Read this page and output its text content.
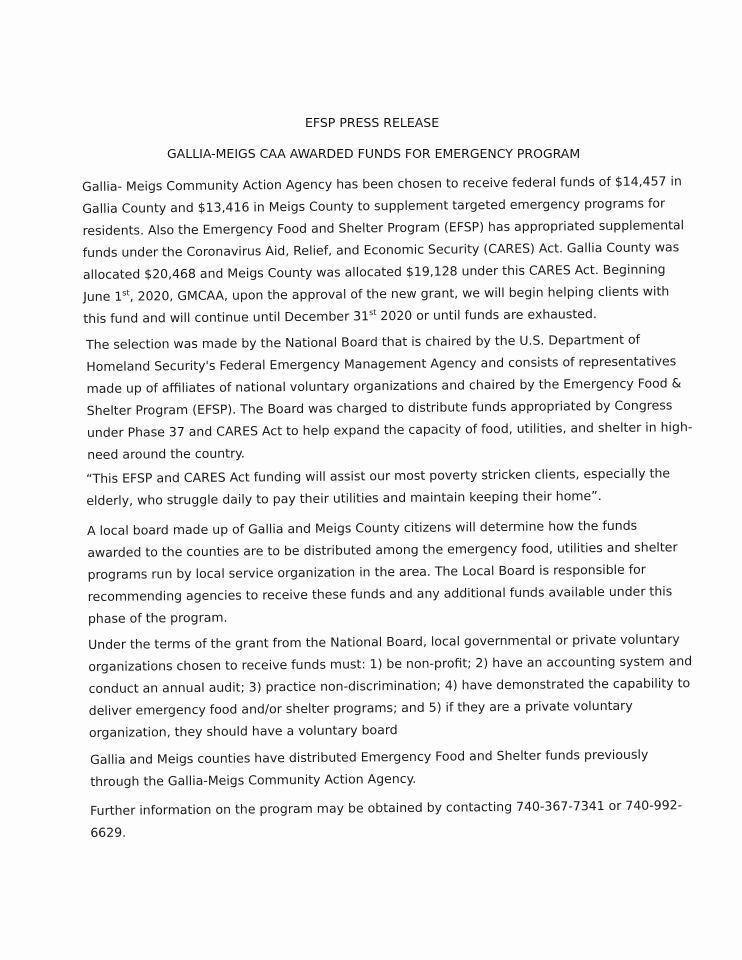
EFSP PRESS RELEASE
GALLIA-MEIGS CAA AWARDED FUNDS FOR EMERGENCY PROGRAM
Gallia- Meigs Community Action Agency has been chosen to receive federal funds of $14,457 in
Gallia County and $13,416 in Meigs County to supplement targeted emergency programs for
residents. Also the Emergency Food and Shelter Program (EFSP) has appropriated supplemental
funds under the Coronavirus Aid, Relief, and Economic Security (CARES) Act. Gallia County was
allocated $20,468 and Meigs County was allocated $19,128 under this CARES Act. Beginning
June 1st, 2020, GMCAA, upon the approval of the new grant, we will begin helping clients with
this fund and will continue until December 31st 2020 or until funds are exhausted.
The selection was made by the National Board that is chaired by the U.S. Department of
Homeland Security's Federal Emergency Management Agency and consists of representatives
made up of affiliates of national voluntary organizations and chaired by the Emergency Food &
Shelter Program (EFSP). The Board was charged to distribute funds appropriated by Congress
under Phase 37 and CARES Act to help expand the capacity of food, utilities, and shelter in high-
need around the country.
“This EFSP and CARES Act funding will assist our most poverty stricken clients, especially the
elderly, who struggle daily to pay their utilities and maintain keeping their home”.
A local board made up of Gallia and Meigs County citizens will determine how the funds
awarded to the counties are to be distributed among the emergency food, utilities and shelter
programs run by local service organization in the area. The Local Board is responsible for
recommending agencies to receive these funds and any additional funds available under this
phase of the program.
Under the terms of the grant from the National Board, local governmental or private voluntary
organizations chosen to receive funds must: 1) be non-profit; 2) have an accounting system and
conduct an annual audit; 3) practice non-discrimination; 4) have demonstrated the capability to
deliver emergency food and/or shelter programs; and 5) if they are a private voluntary
organization, they should have a voluntary board
Gallia and Meigs counties have distributed Emergency Food and Shelter funds previously
through the Gallia-Meigs Community Action Agency.
Further information on the program may be obtained by contacting 740-367-7341 or 740-992-
6629.
